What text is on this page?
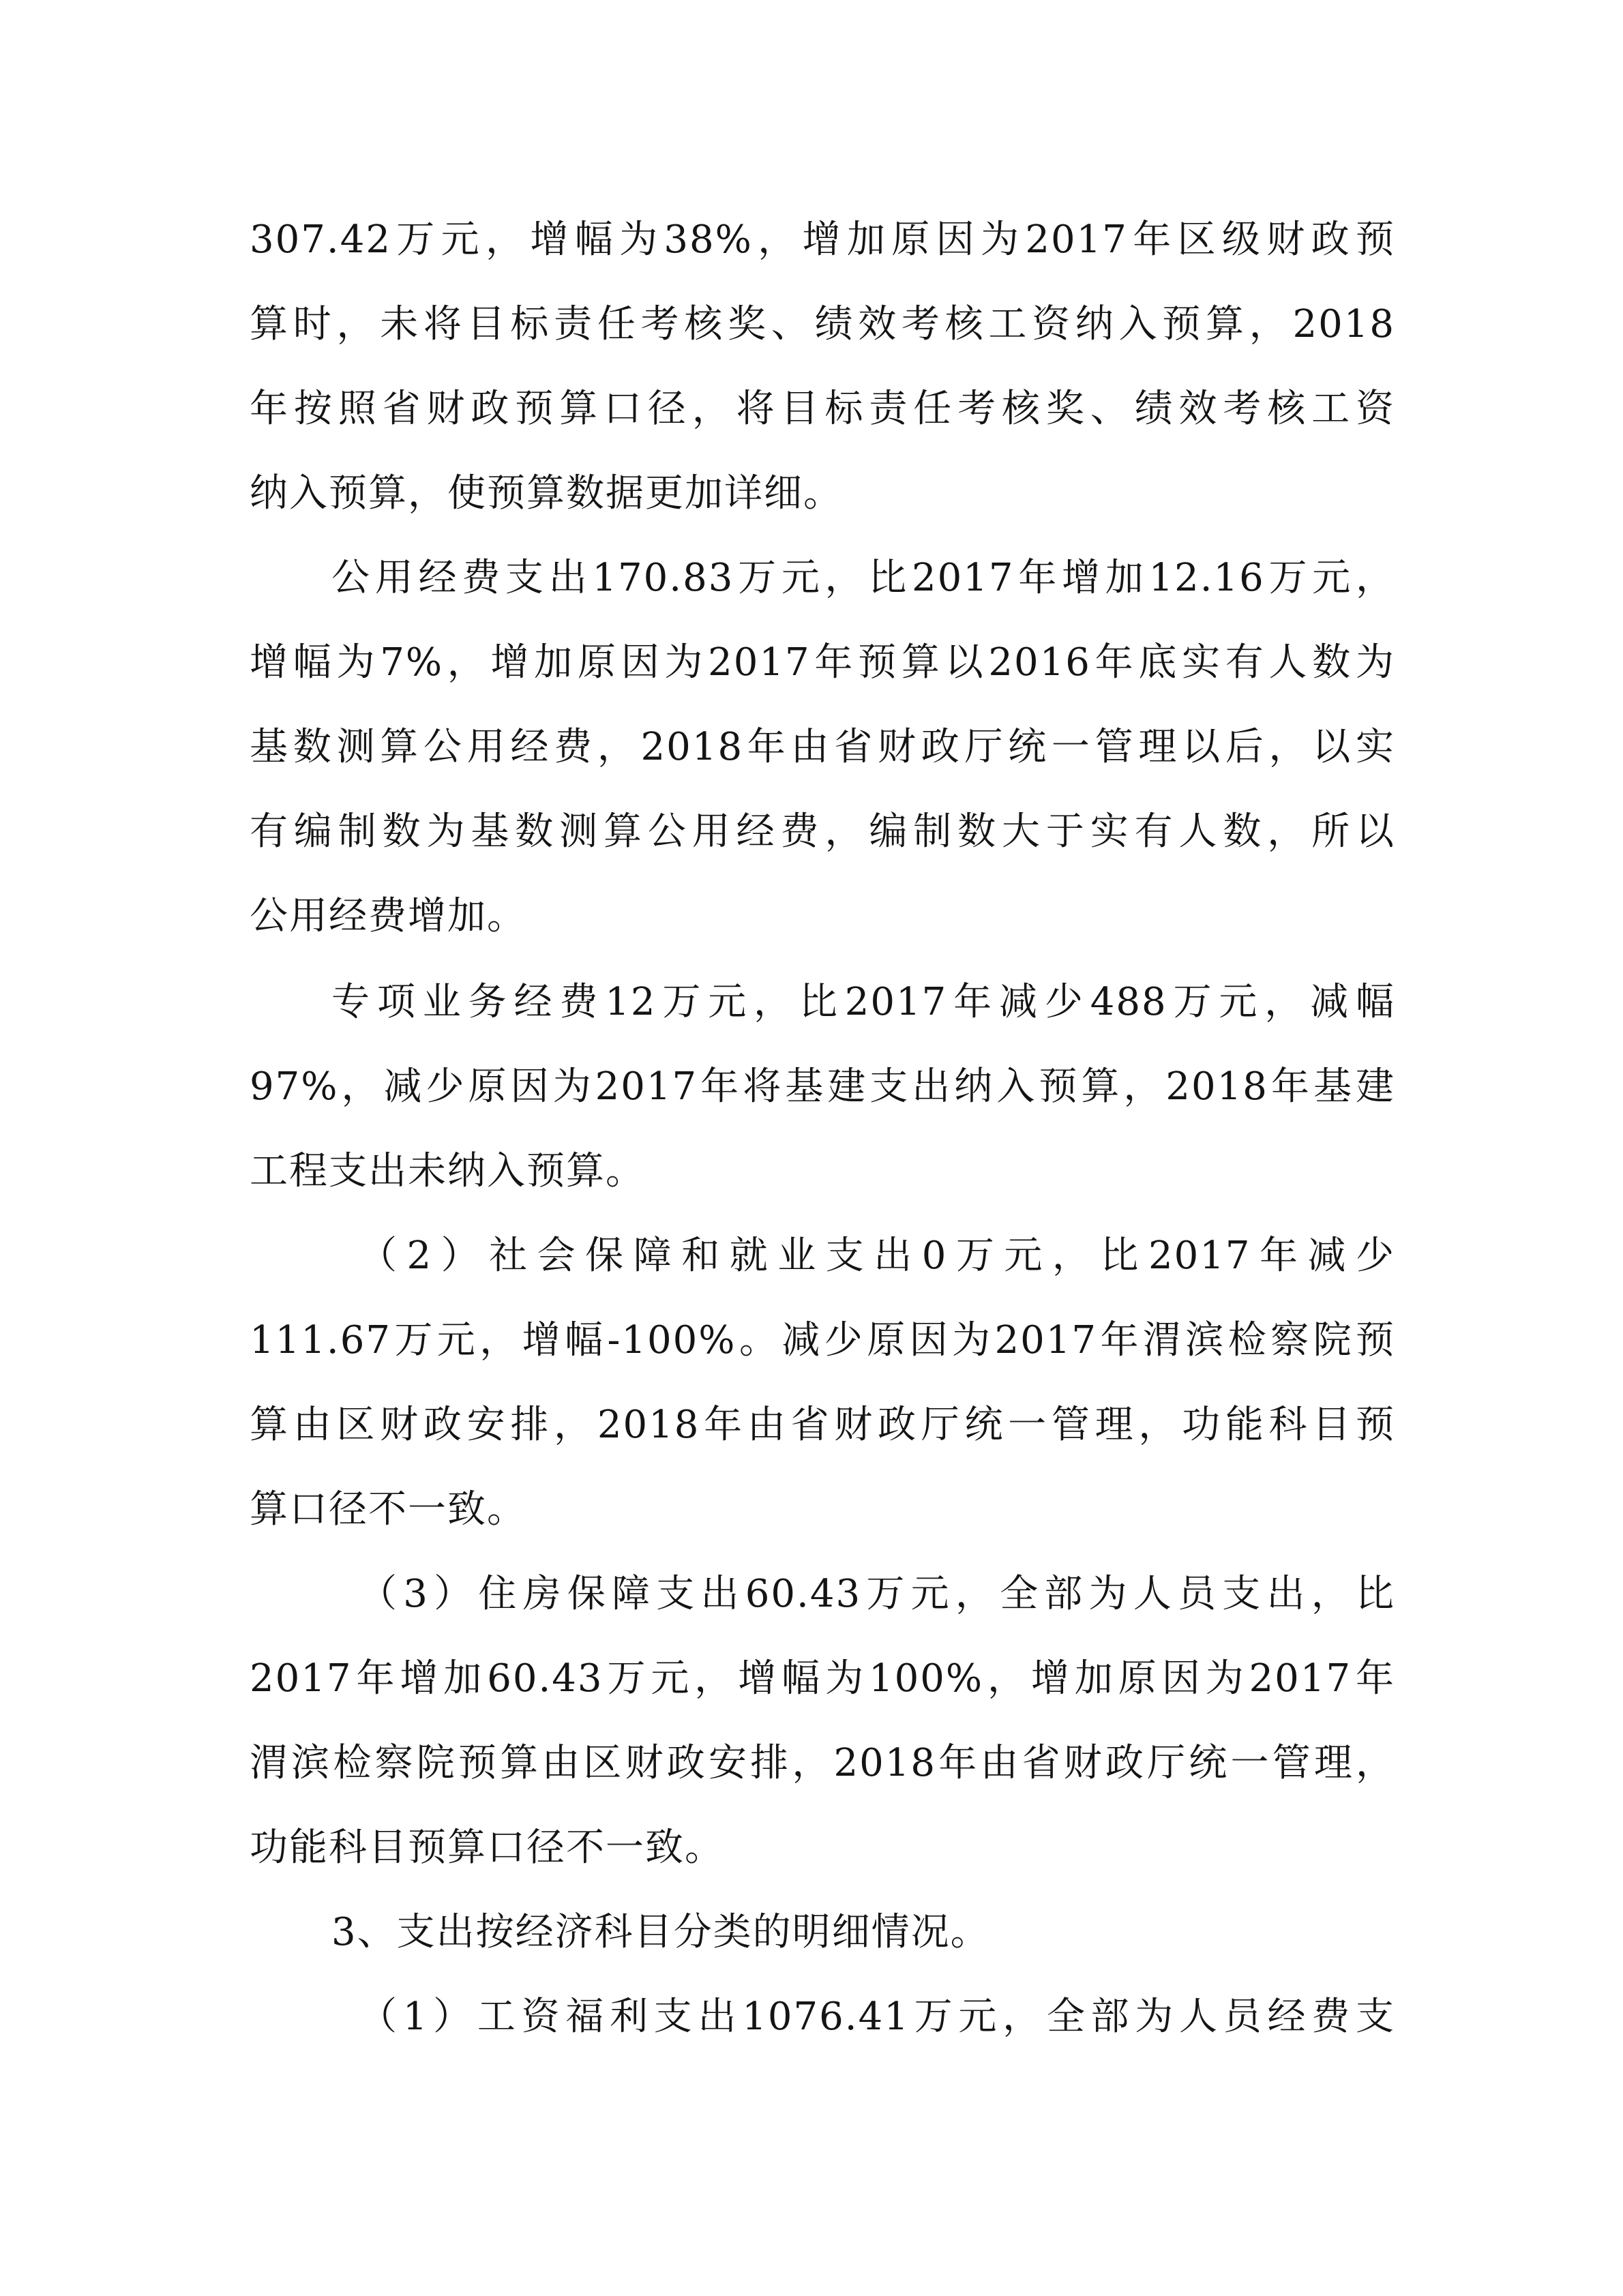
307.42万元，增幅为38%，增加原因为2017年区级财政预
算时，未将目标责任考核奖、绩效考核工资纳入预算，2018
年按照省财政预算口径，将目标责任考核奖、绩效考核工资
纳入预算，使预算数据更加详细。
公用经费支出170.83万元，比2017年增加12.16万元，
增幅为7%，增加原因为2017年预算以2016年底实有人数为
基数测算公用经费，2018年由省财政厅统一管理以后，以实
有编制数为基数测算公用经费，编制数大于实有人数，所以
公用经费增加。
专项业务经费12万元，比2017年减少488万元，减幅
97%，减少原因为2017年将基建支出纳入预算，2018年基建
工程支出未纳入预算。
（2）社会保障和就业支出0万元，比2017年减少
111.67万元，增幅-100%。减少原因为2017年渭滨检察院预
算由区财政安排，2018年由省财政厅统一管理，功能科目预
算口径不一致。
（3）住房保障支出60.43万元，全部为人员支出，比
2017年增加60.43万元，增幅为100%，增加原因为2017年
渭滨检察院预算由区财政安排，2018年由省财政厅统一管理，
功能科目预算口径不一致。
3、支出按经济科目分类的明细情况。
（1）工资福利支出1076.41万元，全部为人员经费支
